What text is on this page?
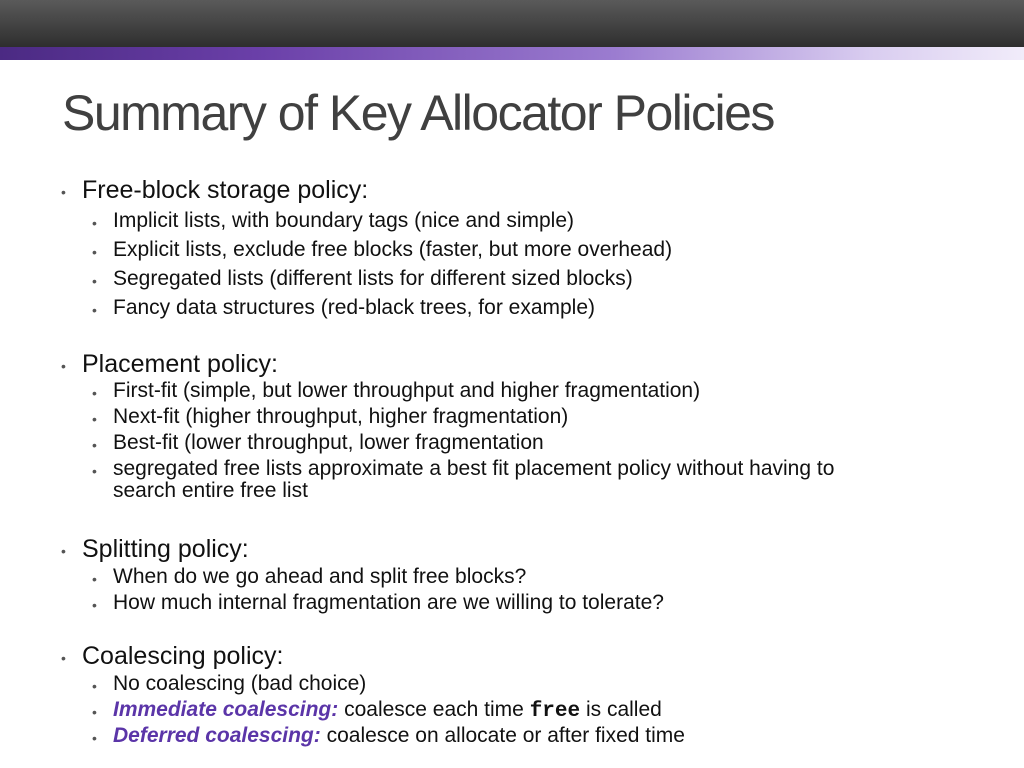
Summary of Key Allocator Policies
• Free-block storage policy:
• Implicit lists, with boundary tags (nice and simple)
• Explicit lists, exclude free blocks (faster, but more overhead)
• Segregated lists (different lists for different sized blocks)
• Fancy data structures (red-black trees, for example)
• Placement policy:
• First-fit (simple, but lower throughput and higher fragmentation)
• Next-fit (higher throughput, higher fragmentation)
• Best-fit (lower throughput, lower fragmentation
• segregated free lists approximate a best fit placement policy without having to
search entire free list
• Splitting policy:
• When do we go ahead and split free blocks?
• How much internal fragmentation are we willing to tolerate?
• Coalescing policy:
• No coalescing (bad choice)
• Immediate coalescing: coalesce each time free is called
• Deferred coalescing: coalesce on allocate or after fixed time
